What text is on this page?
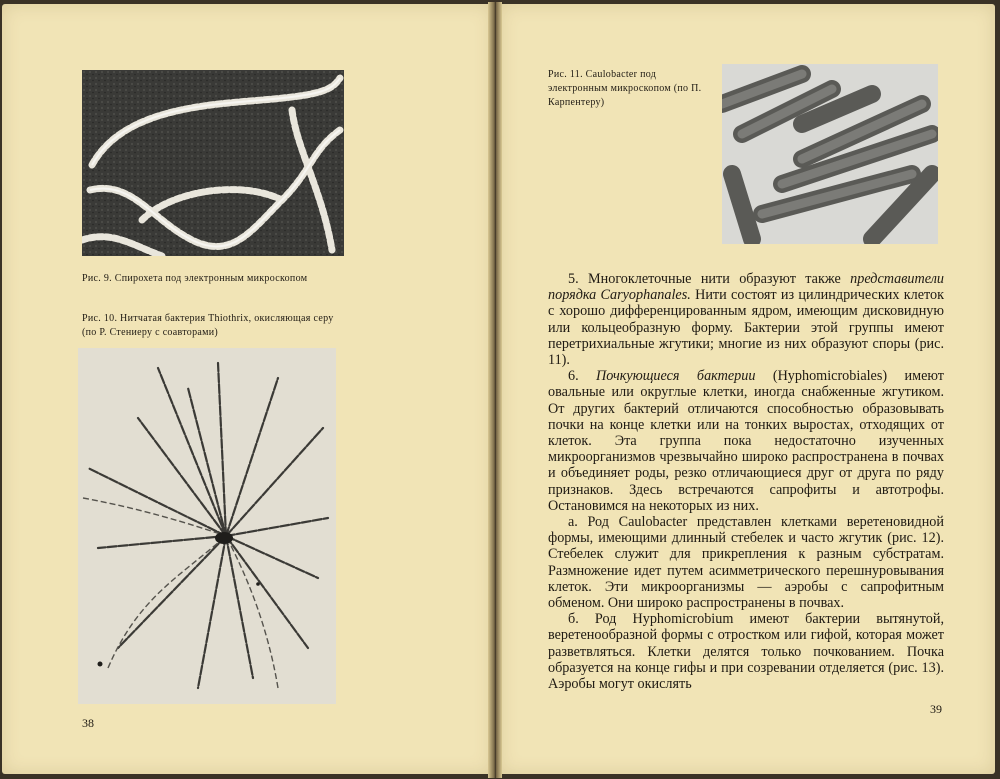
Рис. 9. Спирохета под электронным микроскопом
Рис. 10. Нитчатая бактерия Thiothrix, окисляющая серу (по Р. Стениеру с соавторами)
38
Рис. 11. Caulobacter под электронным микроскопом (по П. Карпентеру)

5. Многоклеточные нити образуют также представители порядка Caryophanales. Нити состоят из цилиндрических клеток с хорошо дифференцированным ядром, имеющим дисковидную или кольцеобразную форму. Бактерии этой группы имеют перетрихиальные жгутики; многие из них образуют споры (рис. 11).

6. Почкующиеся бактерии (Hyphomicrobiales) имеют овальные или округлые клетки, иногда снабженные жгутиком. От других бактерий отличаются способностью образовывать почки на конце клетки или на тонких выростах, отходящих от клеток. Эта группа пока недостаточно изученных микроорганизмов чрезвычайно широко распространена в почвах и объединяет роды, резко отличающиеся друг от друга по ряду признаков. Здесь встречаются сапрофиты и автотрофы. Остановимся на некоторых из них.

а. Род Caulobacter представлен клетками веретеновидной формы, имеющими длинный стебелек и часто жгутик (рис. 12). Стебелек служит для прикрепления к разным субстратам. Размножение идет путем асимметрического перешнуровывания клеток. Эти микроорганизмы — аэробы с сапрофитным обменом. Они широко распространены в почвах.

б. Род Hyphomicrobium имеют бактерии вытянутой, веретенообразной формы с отростком или гифой, которая может разветвляться. Клетки делятся только почкованием. Почка образуется на конце гифы и при созревании отделяется (рис. 13). Аэробы могут окислять

39
